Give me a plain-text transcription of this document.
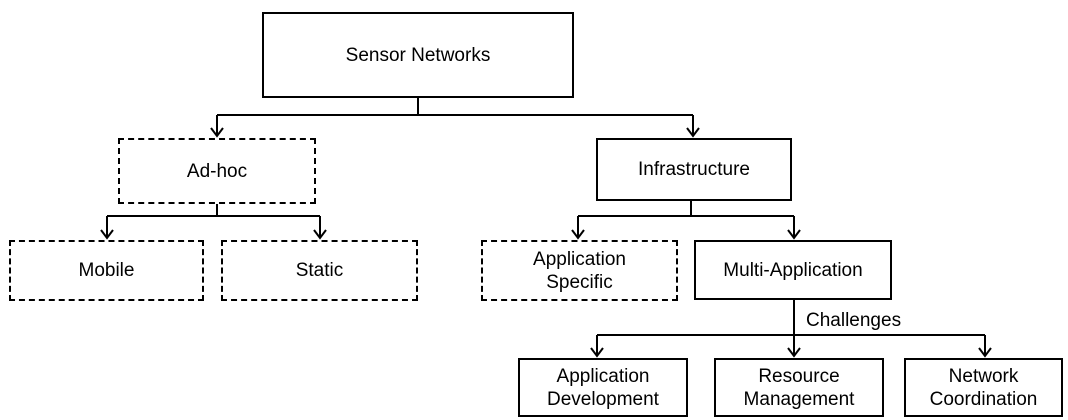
Sensor Networks
Ad-hoc	Infrastructure
Mobile	Static
Application
Specific
Multi-Application
Challenges
Application
Development
Resource
Management
Network
Coordination
